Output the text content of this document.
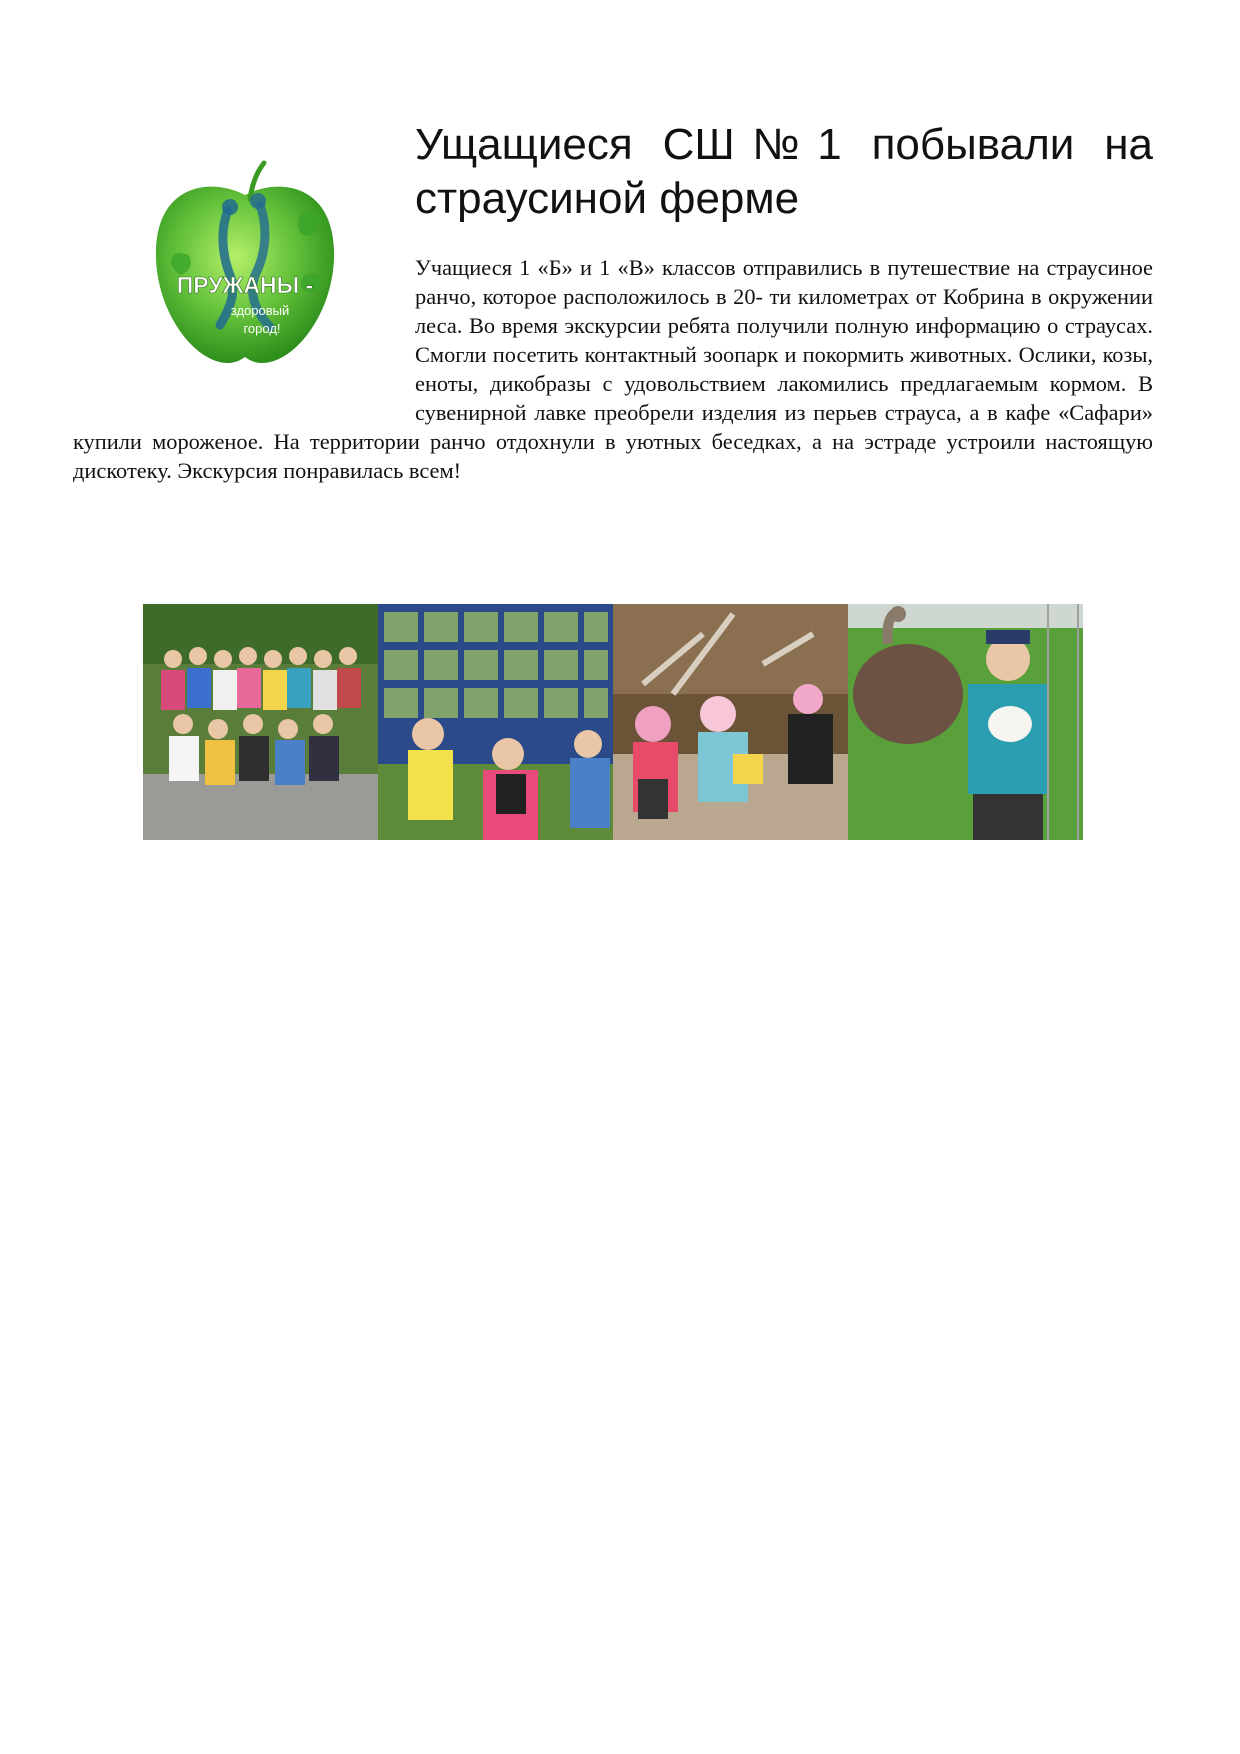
ПРУЖАНЫ -
здоровый
город!
Ущащиеся СШ№1 побывали на страусиной ферме
Учащиеся 1 «Б» и 1 «В» классов отправились в путешествие на страусиное ранчо, которое расположилось в 20- ти километрах от Кобрина в окружении леса. Во время экскурсии ребята получили полную информацию о страусах. Смогли посетить контактный зоопарк и покормить животных. Ослики, козы, еноты, дикобразы с удовольствием лакомились предлагаемым кормом. В сувенирной лавке преобрели изделия из перьев страуса, а в кафе «Сафари» купили мороженое. На территории ранчо отдохнули в уютных беседках, а на эстраде устроили настоящую дискотеку. Экскурсия понравилась всем!
